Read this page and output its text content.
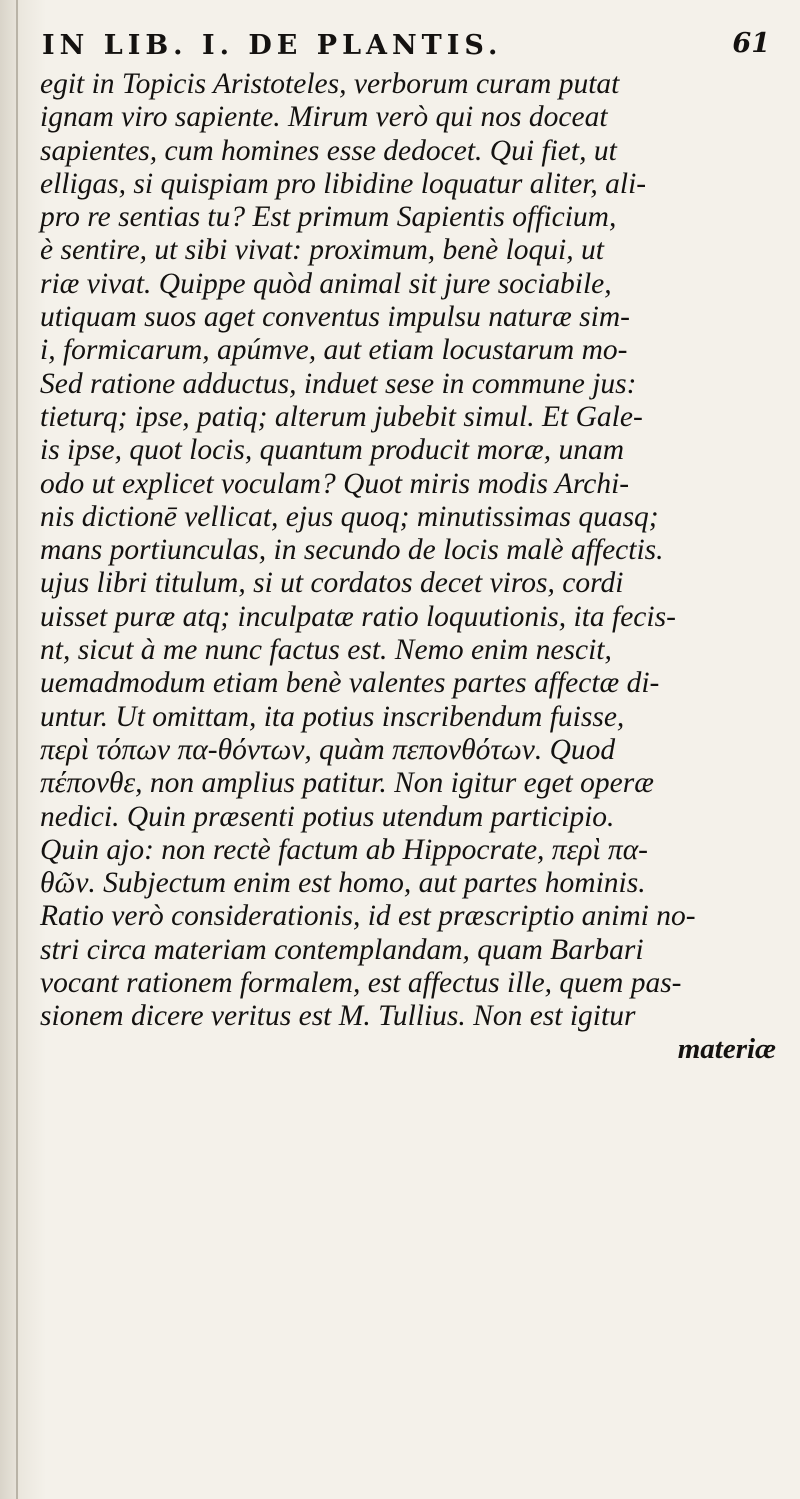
IN LIB. I. DE PLANTIS.	61
egit in Topicis Aristoteles, verborum curam putat
ignam viro sapiente. Mirum verò qui nos doceat
sapientes, cum homines esse dedocet. Qui fiet, ut
elligas, si quispiam pro libidine loquatur aliter, ali-
pro re sentias tu? Est primum Sapientis officium,
è sentire, ut sibi vivat: proximum, benè loqui, ut
riæ vivat. Quippe quòd animal sit jure sociabile,
utiquam suos aget conventus impulsu naturæ sim-
i, formicarum, apúmve, aut etiam locustarum mo-
Sed ratione adductus, induet sese in commune jus:
tieturq; ipse, patiq; alterum jubebit simul. Et Gale-
is ipse, quot locis, quantum producit moræ, unam
odo ut explicet voculam? Quot miris modis Archi-
nis dictionē vellicat, ejus quoq; minutissimas quasq;
mans portiunculas, in secundo de locis malè affectis.
ujus libri titulum, si ut cordatos decet viros, cordi
uisset puræ atq; inculpatæ ratio loquutionis, ita fecis-
nt, sicut à me nunc factus est. Nemo enim nescit,
uemadmodum etiam benè valentes partes affectæ di-
untur. Ut omittam, ita potius inscribendum fuisse,
περὶ τόπων πα-θόντων, quàm πεπονθότων. Quod
πέπονθε, non amplius patitur. Non igitur eget operæ
nedici. Quin præsenti potius utendum participio.
Quin ajo: non rectè factum ab Hippocrate, περὶ πα-
θῶν. Subjectum enim est homo, aut partes hominis.
Ratio verò considerationis, id est præscriptio animi no-
stri circa materiam contemplandam, quam Barbari
vocant rationem formalem, est affectus ille, quem pas-
sionem dicere veritus est M. Tullius. Non est igitur
materiæ
